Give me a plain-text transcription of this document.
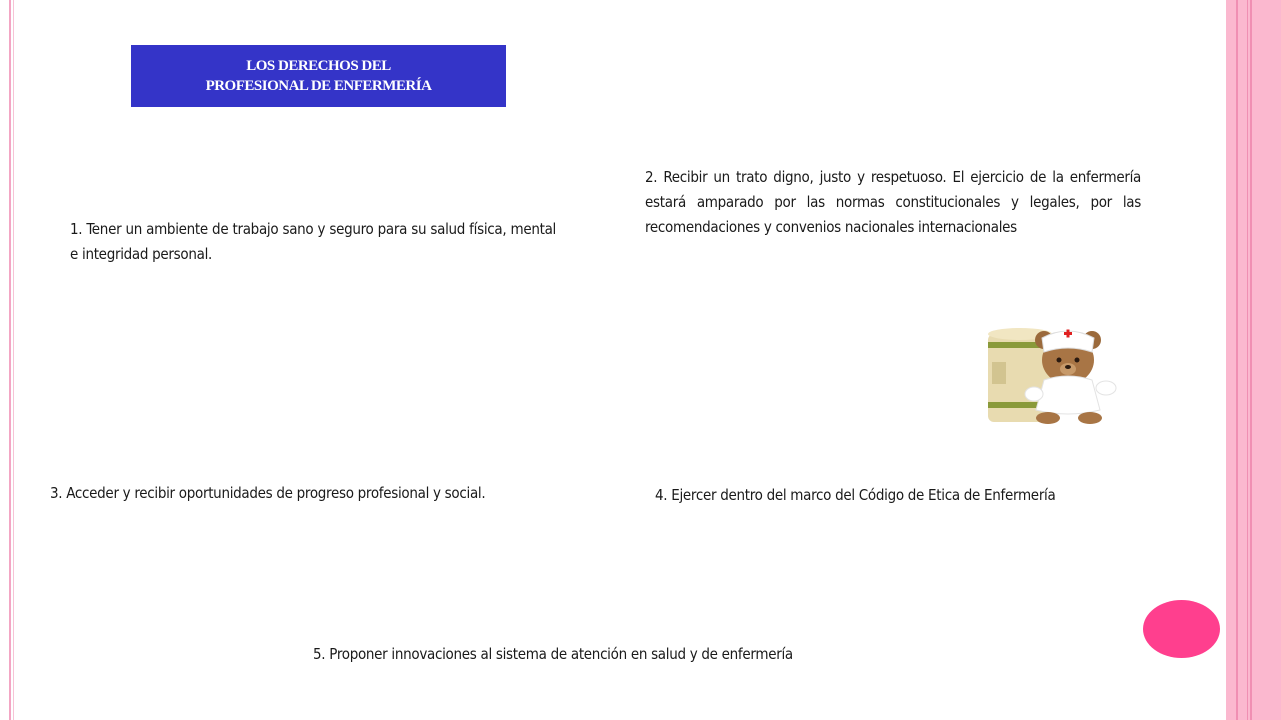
LOS DERECHOS DEL
PROFESIONAL DE ENFERMERÍA
1. Tener un ambiente de trabajo sano y seguro para su salud física, mental e integridad personal.
2. Recibir un trato digno, justo y respetuoso. El ejercicio de la enfermería estará amparado por las normas constitucionales y legales, por las recomendaciones y convenios nacionales internacionales
3. Acceder y recibir oportunidades de progreso profesional y social.	4. Ejercer dentro del marco del Código de Etica de Enfermería
5. Proponer innovaciones al sistema de atención en salud y de enfermería
